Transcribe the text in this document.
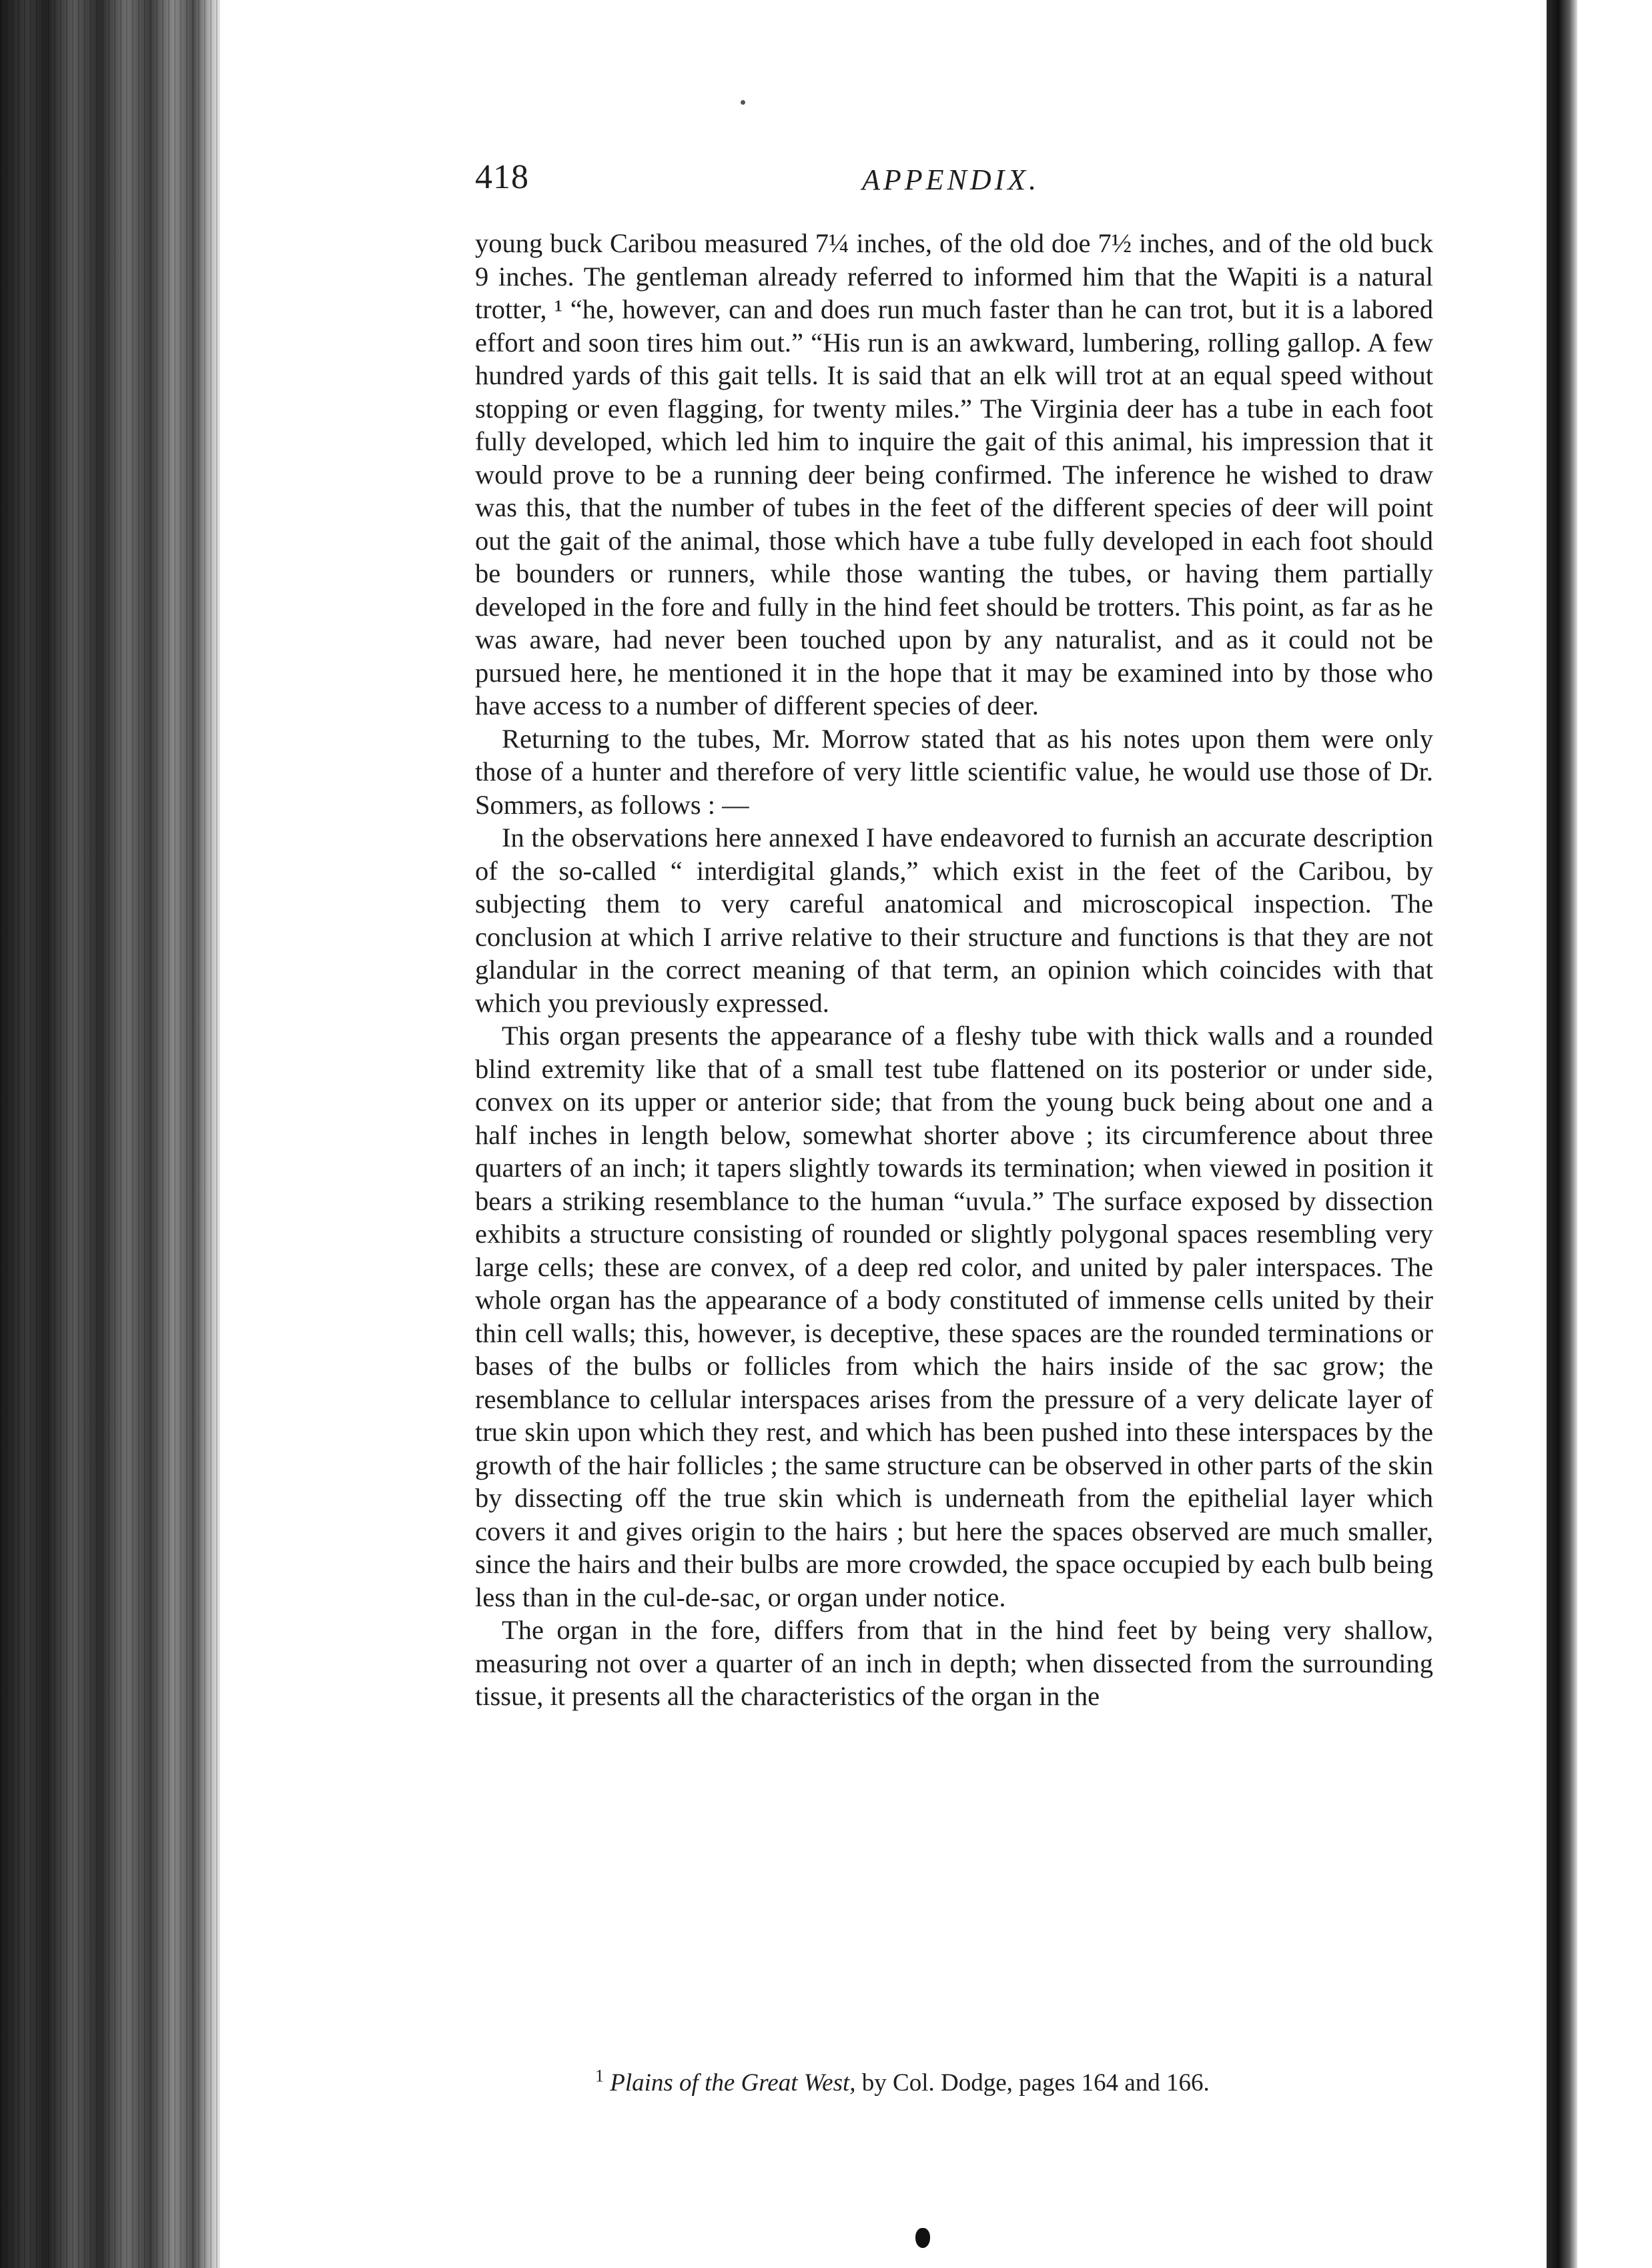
418	APPENDIX.

young buck Caribou measured 7¼ inches, of the old doe 7½ inches, and of the old buck 9 inches. The gentleman already referred to informed him that the Wapiti is a natural trotter, ¹ “he, however, can and does run much faster than he can trot, but it is a labored effort and soon tires him out.” “His run is an awkward, lumbering, rolling gallop. A few hundred yards of this gait tells. It is said that an elk will trot at an equal speed without stopping or even flagging, for twenty miles.” The Virginia deer has a tube in each foot fully developed, which led him to inquire the gait of this animal, his impression that it would prove to be a running deer being confirmed. The inference he wished to draw was this, that the number of tubes in the feet of the different species of deer will point out the gait of the animal, those which have a tube fully developed in each foot should be bounders or runners, while those wanting the tubes, or having them partially developed in the fore and fully in the hind feet should be trotters. This point, as far as he was aware, had never been touched upon by any naturalist, and as it could not be pursued here, he mentioned it in the hope that it may be examined into by those who have access to a number of different species of deer.

Returning to the tubes, Mr. Morrow stated that as his notes upon them were only those of a hunter and therefore of very little scientific value, he would use those of Dr. Sommers, as follows : —

In the observations here annexed I have endeavored to furnish an accurate description of the so-called “ interdigital glands,” which exist in the feet of the Caribou, by subjecting them to very careful anatomical and microscopical inspection. The conclusion at which I arrive relative to their structure and functions is that they are not glandular in the correct meaning of that term, an opinion which coincides with that which you previously expressed.

This organ presents the appearance of a fleshy tube with thick walls and a rounded blind extremity like that of a small test tube flattened on its posterior or under side, convex on its upper or anterior side; that from the young buck being about one and a half inches in length below, somewhat shorter above ; its circumference about three quarters of an inch; it tapers slightly towards its termination; when viewed in position it bears a striking resemblance to the human “uvula.” The surface exposed by dissection exhibits a structure consisting of rounded or slightly polygonal spaces resembling very large cells; these are convex, of a deep red color, and united by paler interspaces. The whole organ has the appearance of a body constituted of immense cells united by their thin cell walls; this, however, is deceptive, these spaces are the rounded terminations or bases of the bulbs or follicles from which the hairs inside of the sac grow; the resemblance to cellular interspaces arises from the pressure of a very delicate layer of true skin upon which they rest, and which has been pushed into these interspaces by the growth of the hair follicles ; the same structure can be observed in other parts of the skin by dissecting off the true skin which is underneath from the epithelial layer which covers it and gives origin to the hairs ; but here the spaces observed are much smaller, since the hairs and their bulbs are more crowded, the space occupied by each bulb being less than in the cul-de-sac, or organ under notice.

The organ in the fore, differs from that in the hind feet by being very shallow, measuring not over a quarter of an inch in depth; when dissected from the surrounding tissue, it presents all the characteristics of the organ in the

$^1$ Plains of the Great West, by Col. Dodge, pages 164 and 166.
